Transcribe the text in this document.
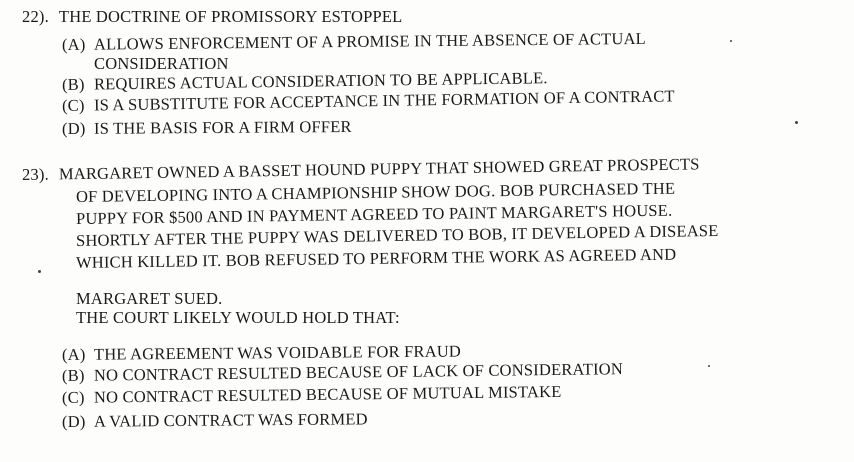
22). THE DOCTRINE OF PROMISSORY ESTOPPEL
(A) ALLOWS ENFORCEMENT OF A PROMISE IN THE ABSENCE OF ACTUAL
CONSIDERATION
(B) REQUIRES ACTUAL CONSIDERATION TO BE APPLICABLE.
(C) IS A SUBSTITUTE FOR ACCEPTANCE IN THE FORMATION OF A CONTRACT
(D) IS THE BASIS FOR A FIRM OFFER
23). MARGARET OWNED A BASSET HOUND PUPPY THAT SHOWED GREAT PROSPECTS
OF DEVELOPING INTO A CHAMPIONSHIP SHOW DOG. BOB PURCHASED THE
PUPPY FOR $500 AND IN PAYMENT AGREED TO PAINT MARGARET'S HOUSE.
SHORTLY AFTER THE PUPPY WAS DELIVERED TO BOB, IT DEVELOPED A DISEASE
WHICH KILLED IT. BOB REFUSED TO PERFORM THE WORK AS AGREED AND
MARGARET SUED.
THE COURT LIKELY WOULD HOLD THAT:
(A) THE AGREEMENT WAS VOIDABLE FOR FRAUD
(B) NO CONTRACT RESULTED BECAUSE OF LACK OF CONSIDERATION
(C) NO CONTRACT RESULTED BECAUSE OF MUTUAL MISTAKE
(D) A VALID CONTRACT WAS FORMED
